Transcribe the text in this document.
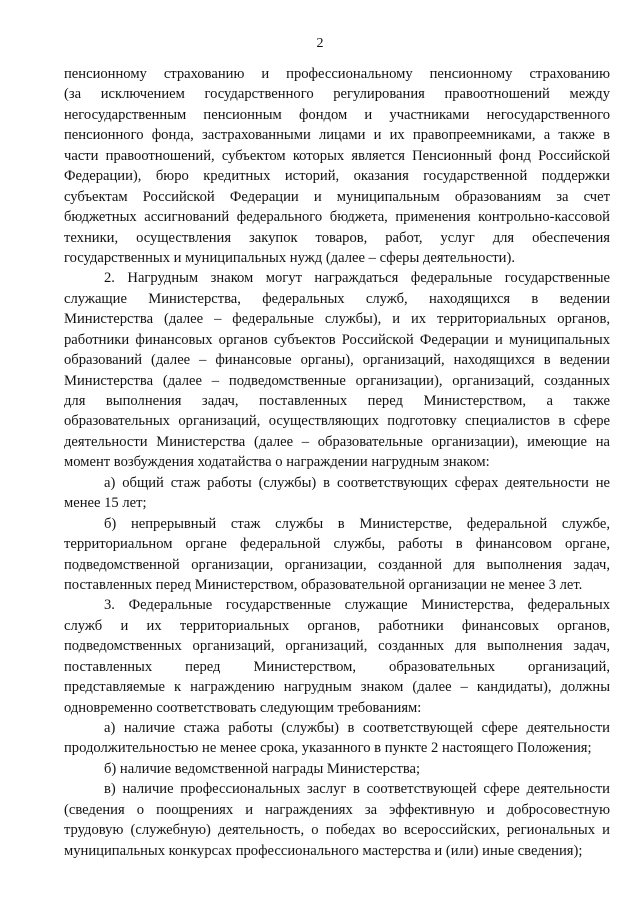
2
пенсионному страхованию и профессиональному пенсионному страхованию
(за исключением государственного регулирования правоотношений между
негосударственным пенсионным фондом и участниками негосударственного
пенсионного фонда, застрахованными лицами и их правопреемниками, а также в
части правоотношений, субъектом которых является Пенсионный фонд Российской
Федерации), бюро кредитных историй, оказания государственной поддержки
субъектам Российской Федерации и муниципальным образованиям за счет
бюджетных ассигнований федерального бюджета, применения контрольно-кассовой
техники, осуществления закупок товаров, работ, услуг для обеспечения
государственных и муниципальных нужд (далее – сферы деятельности).
2. Нагрудным знаком могут награждаться федеральные государственные
служащие Министерства, федеральных служб, находящихся в ведении
Министерства (далее – федеральные службы), и их территориальных органов,
работники финансовых органов субъектов Российской Федерации и муниципальных
образований (далее – финансовые органы), организаций, находящихся в ведении
Министерства (далее – подведомственные организации), организаций, созданных
для выполнения задач, поставленных перед Министерством, а также
образовательных организаций, осуществляющих подготовку специалистов в сфере
деятельности Министерства (далее – образовательные организации), имеющие на
момент возбуждения ходатайства о награждении нагрудным знаком:
а) общий стаж работы (службы) в соответствующих сферах деятельности не
менее 15 лет;
б) непрерывный стаж службы в Министерстве, федеральной службе,
территориальном органе федеральной службы, работы в финансовом органе,
подведомственной организации, организации, созданной для выполнения задач,
поставленных перед Министерством, образовательной организации не менее 3 лет.
3. Федеральные государственные служащие Министерства, федеральных
служб и их территориальных органов, работники финансовых органов,
подведомственных организаций, организаций, созданных для выполнения задач,
поставленных перед Министерством, образовательных организаций,
представляемые к награждению нагрудным знаком (далее – кандидаты), должны
одновременно соответствовать следующим требованиям:
а) наличие стажа работы (службы) в соответствующей сфере деятельности
продолжительностью не менее срока, указанного в пункте 2 настоящего Положения;
б) наличие ведомственной награды Министерства;
в) наличие профессиональных заслуг в соответствующей сфере деятельности
(сведения о поощрениях и награждениях за эффективную и добросовестную
трудовую (служебную) деятельность, о победах во всероссийских, региональных и
муниципальных конкурсах профессионального мастерства и (или) иные сведения);
